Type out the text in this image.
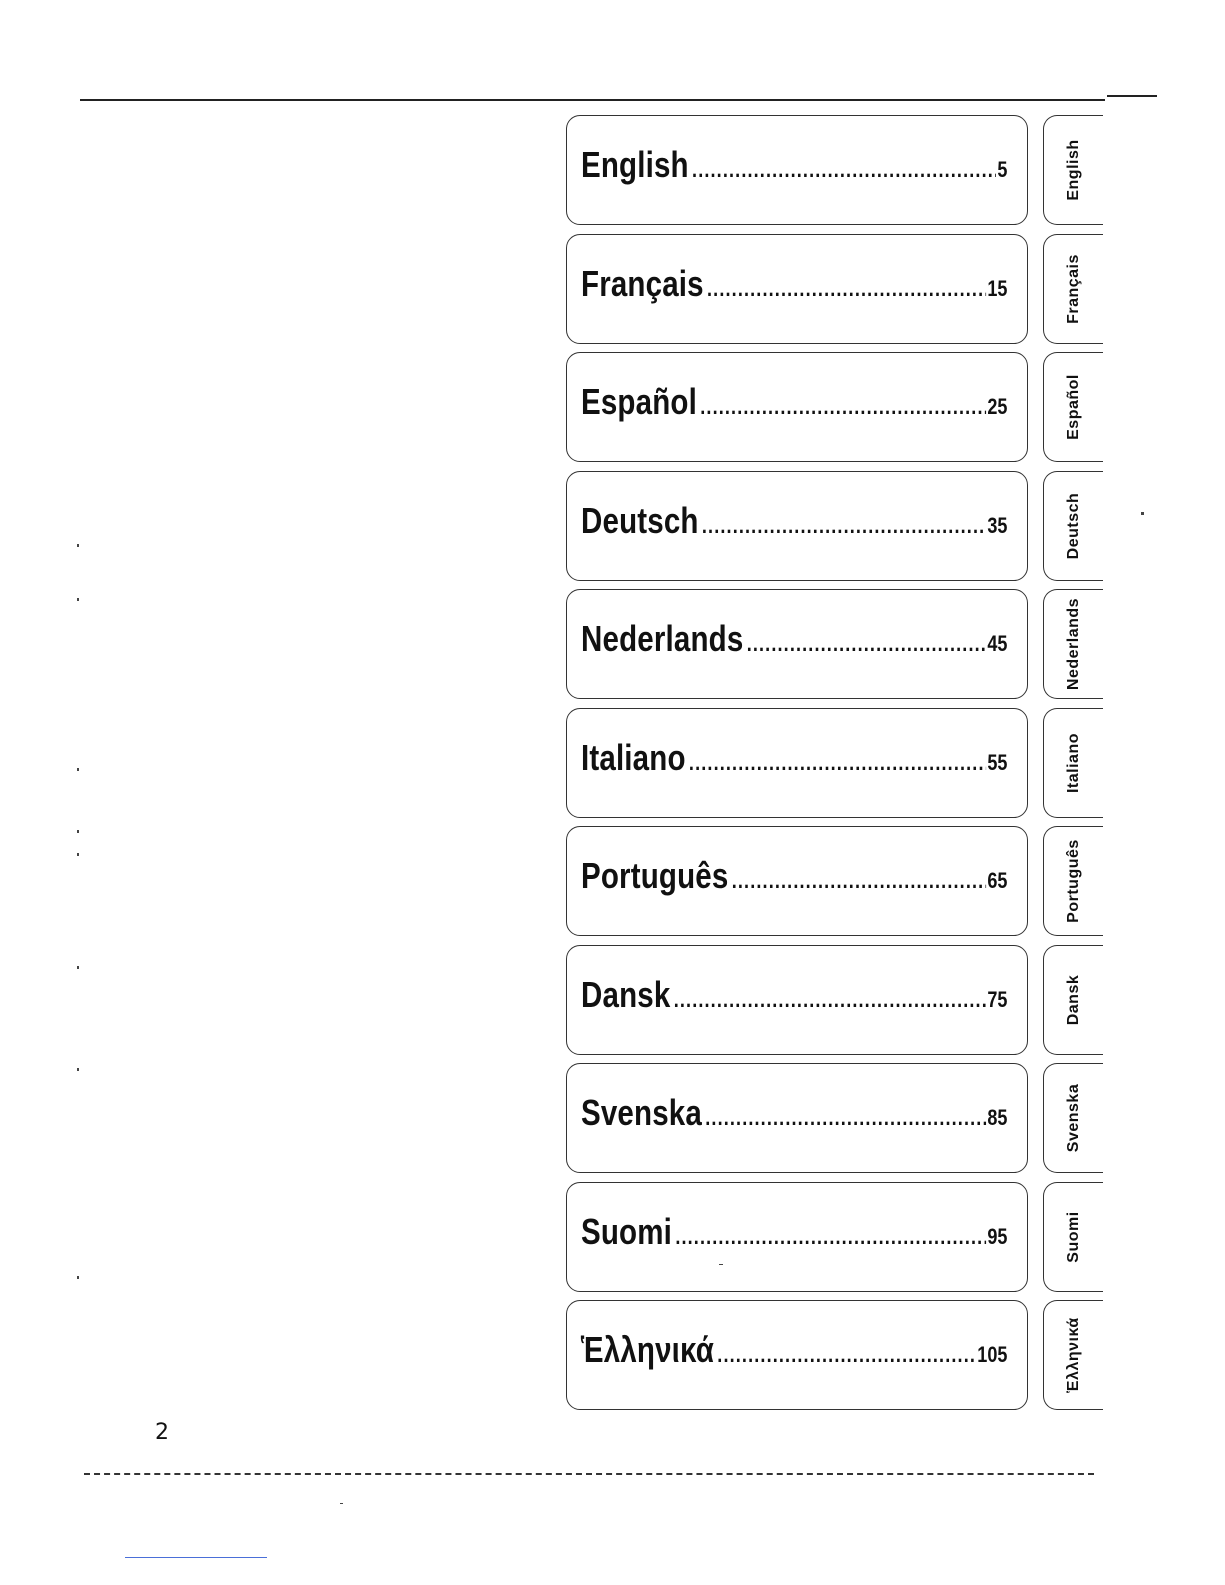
English .....	5
Français .....	15
Español .....	25
Deutsch .....	35
Nederlands .....	45
Italiano .....	55
Português .....	65
Dansk .....	75
Svenska .....	85
Suomi .....	95
Ἑλληνικά .....	105
English
Français
Español
Deutsch
Nederlands
Italiano
Português
Dansk
Svenska
Suomi
Ἑλληνικά
2
